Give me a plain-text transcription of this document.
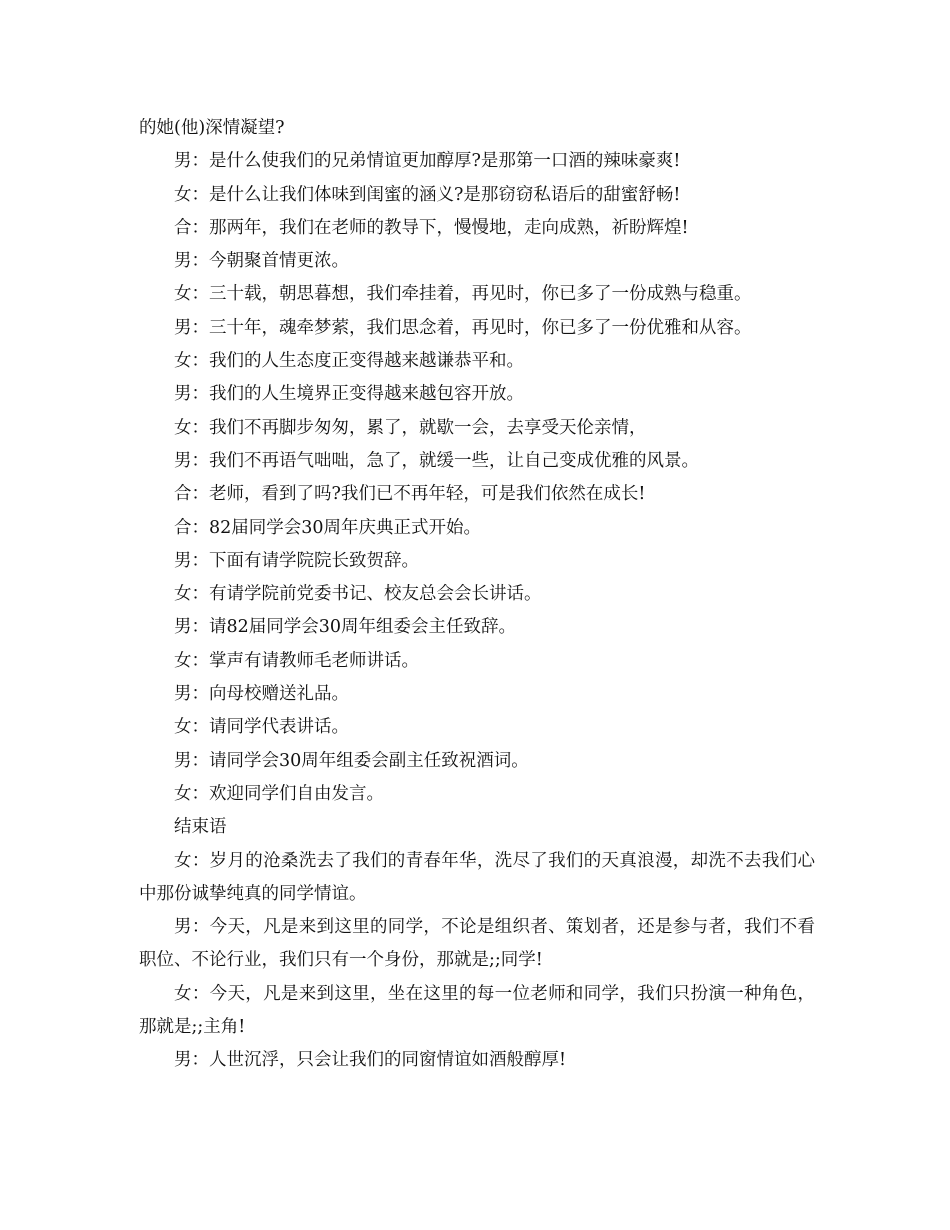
的她(他)深情凝望?

男：是什么使我们的兄弟情谊更加醇厚?是那第一口酒的辣味豪爽!

女：是什么让我们体味到闺蜜的涵义?是那窃窃私语后的甜蜜舒畅!

合：那两年，我们在老师的教导下，慢慢地，走向成熟，祈盼辉煌!

男：今朝聚首情更浓。

女：三十载，朝思暮想，我们牵挂着，再见时，你已多了一份成熟与稳重。

男：三十年，魂牵梦萦，我们思念着，再见时，你已多了一份优雅和从容。

女：我们的人生态度正变得越来越谦恭平和。

男：我们的人生境界正变得越来越包容开放。

女：我们不再脚步匆匆，累了，就歇一会，去享受天伦亲情，

男：我们不再语气咄咄，急了，就缓一些，让自己变成优雅的风景。

合：老师，看到了吗?我们已不再年轻，可是我们依然在成长!

合：82届同学会30周年庆典正式开始。

男：下面有请学院院长致贺辞。

女：有请学院前党委书记、校友总会会长讲话。

男：请82届同学会30周年组委会主任致辞。

女：掌声有请教师毛老师讲话。

男：向母校赠送礼品。

女：请同学代表讲话。

男：请同学会30周年组委会副主任致祝酒词。

女：欢迎同学们自由发言。

结束语

女：岁月的沧桑洗去了我们的青春年华，洗尽了我们的天真浪漫，却洗不去我们心中那份诚挚纯真的同学情谊。

男：今天，凡是来到这里的同学，不论是组织者、策划者，还是参与者，我们不看职位、不论行业，我们只有一个身份，那就是;;同学!

女：今天，凡是来到这里，坐在这里的每一位老师和同学，我们只扮演一种角色，那就是;;主角!

男：人世沉浮，只会让我们的同窗情谊如酒般醇厚!
